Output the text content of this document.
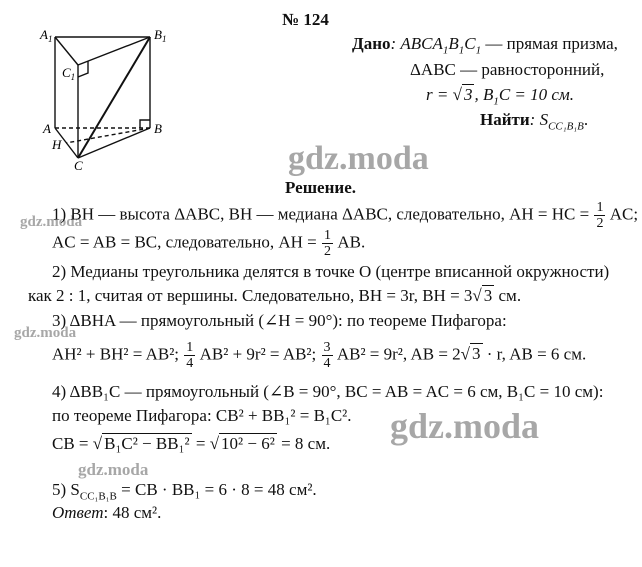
$A_1$	$B_1$
$C_1$
A	B
H
C
№ 124
Дано: $ABCA_1B_1C_1$ — прямая призма,
ΔABC — равносторонний,
r = √ 3 , $B_1C = 10$ см.
Найти: $S_{CC_1B_1B}$.
gdz.moda
gdz.moda
gdz.moda
gdz.moda
gdz.moda
Решение.
1) BH — высота ΔABC, BH — медиана ΔABC, следовательно, AH = HC = $\frac{1}{2}$ AC;
AC = AB = BC, следовательно, AH = $\frac{1}{2}$ AB.
2) Медианы треугольника делятся в точке O (центре вписанной окружности)
как 2 : 1, считая от вершины. Следовательно, BH = 3r, BH = 3√ 3 см.
3) ΔBHA — прямоугольный (∠H = 90°): по теореме Пифагора:
AH² + BH² = AB²; $\frac{1}{4} AB^2 + 9r^2 = AB^2$; $\frac{3}{4} AB^2 = 9r^2$, AB = 2√ 3 · r, AB = 6 см.
4) ΔBB₁C — прямоугольный (∠B = 90°, BC = AB = AC = 6 см, B₁C = 10 см):
по теореме Пифагора: CB² + BB₁² = B₁C².
CB = √ B₁C² − BB₁² = √ 10² − 6² = 8 см.
5) $S_{CC_1B_1B}$ = CB · BB₁ = 6 · 8 = 48 см².
Ответ: 48 см².
